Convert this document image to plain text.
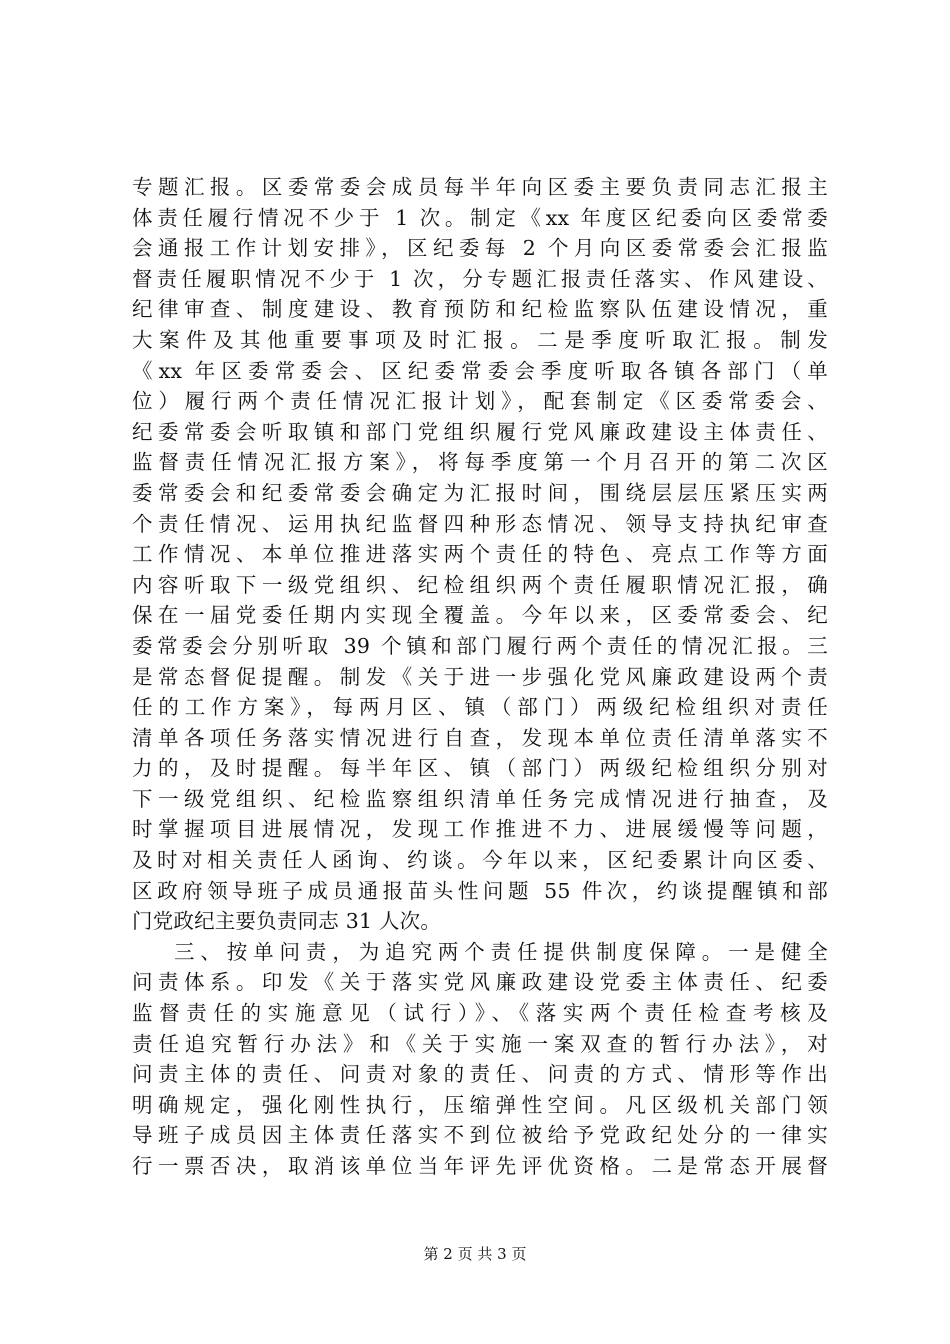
专题汇报。区委常委会成员每半年向区委主要负责同志汇报主
体责任履行情况不少于 1 次。制定《xx 年度区纪委向区委常委
会通报工作计划安排》，区纪委每 2 个月向区委常委会汇报监
督责任履职情况不少于 1 次，分专题汇报责任落实、作风建设、
纪律审查、制度建设、教育预防和纪检监察队伍建设情况，重
大案件及其他重要事项及时汇报。二是季度听取汇报。制发
《xx 年区委常委会、区纪委常委会季度听取各镇各部门（单
位）履行两个责任情况汇报计划》，配套制定《区委常委会、
纪委常委会听取镇和部门党组织履行党风廉政建设主体责任、
监督责任情况汇报方案》，将每季度第一个月召开的第二次区
委常委会和纪委常委会确定为汇报时间，围绕层层压紧压实两
个责任情况、运用执纪监督四种形态情况、领导支持执纪审查
工作情况、本单位推进落实两个责任的特色、亮点工作等方面
内容听取下一级党组织、纪检组织两个责任履职情况汇报，确
保在一届党委任期内实现全覆盖。今年以来，区委常委会、纪
委常委会分别听取 39 个镇和部门履行两个责任的情况汇报。三
是常态督促提醒。制发《关于进一步强化党风廉政建设两个责
任的工作方案》，每两月区、镇（部门）两级纪检组织对责任
清单各项任务落实情况进行自查，发现本单位责任清单落实不
力的，及时提醒。每半年区、镇（部门）两级纪检组织分别对
下一级党组织、纪检监察组织清单任务完成情况进行抽查，及
时掌握项目进展情况，发现工作推进不力、进展缓慢等问题，
及时对相关责任人函询、约谈。今年以来，区纪委累计向区委、
区政府领导班子成员通报苗头性问题 55 件次，约谈提醒镇和部
门党政纪主要负责同志 31 人次。
三、按单问责，为追究两个责任提供制度保障。一是健全
问责体系。印发《关于落实党风廉政建设党委主体责任、纪委
监督责任的实施意见（试行）》、《落实两个责任检查考核及
责任追究暂行办法》和《关于实施一案双查的暂行办法》，对
问责主体的责任、问责对象的责任、问责的方式、情形等作出
明确规定，强化刚性执行，压缩弹性空间。凡区级机关部门领
导班子成员因主体责任落实不到位被给予党政纪处分的一律实
行一票否决，取消该单位当年评先评优资格。二是常态开展督
第 2 页 共 3 页
